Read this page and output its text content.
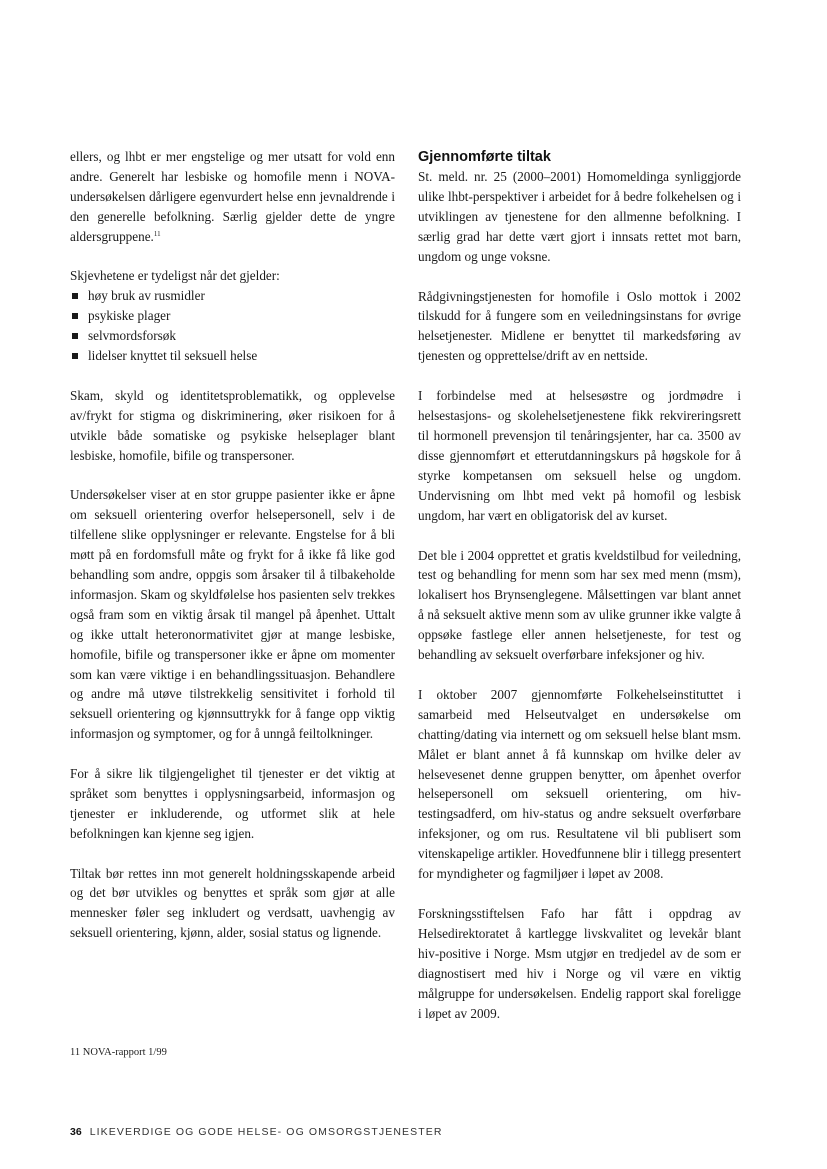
ellers, og lhbt er mer engstelige og mer utsatt for vold enn andre. Generelt har lesbiske og homofile menn i NOVA- undersøkelsen dårligere egenvurdert helse enn jevnaldrende i den generelle befolkning. Særlig gjelder dette de yngre aldersgruppene.$^{11}$

Skjevhetene er tydeligst når det gjelder:
høy bruk av rusmidler
psykiske plager
selvmordsforsøk
lidelser knyttet til seksuell helse

Skam, skyld og identitetsproblematikk, og opplevelse av/frykt for stigma og diskriminering, øker risikoen for å utvikle både somatiske og psykiske helseplager blant lesbiske, homofile, bifile og transpersoner.

Undersøkelser viser at en stor gruppe pasienter ikke er åpne om seksuell orientering overfor helsepersonell, selv i de tilfellene slike opplysninger er relevante. Engstelse for å bli møtt på en fordomsfull måte og frykt for å ikke få like god behandling som andre, oppgis som årsaker til å tilbakeholde informasjon. Skam og skyldfølelse hos pasienten selv trekkes også fram som en viktig årsak til mangel på åpenhet. Uttalt og ikke uttalt heteronormativitet gjør at mange lesbiske, homofile, bifile og transpersoner ikke er åpne om momenter som kan være viktige i en behandlingssituasjon. Behandlere og andre må utøve tilstrekkelig sensitivitet i forhold til seksuell orientering og kjønnsuttrykk for å fange opp viktig informasjon og symptomer, og for å unngå feiltolkninger.

For å sikre lik tilgjengelighet til tjenester er det viktig at språket som benyttes i opplysningsarbeid, informasjon og tjenester er inkluderende, og utformet slik at hele befolkningen kan kjenne seg igjen.

Tiltak bør rettes inn mot generelt holdningsskapende arbeid og det bør utvikles og benyttes et språk som gjør at alle mennesker føler seg inkludert og verdsatt, uavhengig av seksuell orientering, kjønn, alder, sosial status og lignende.

Gjennomførte tiltak

St. meld. nr. 25 (2000–2001) Homomeldinga synliggjorde ulike lhbt-perspektiver i arbeidet for å bedre folkehelsen og i utviklingen av tjenestene for den allmenne befolkning. I særlig grad har dette vært gjort i innsats rettet mot barn, ungdom og unge voksne.

Rådgivningstjenesten for homofile i Oslo mottok i 2002 tilskudd for å fungere som en veiledningsinstans for øvrige helsetjenester. Midlene er benyttet til markedsføring av tjenesten og opprettelse/drift av en nettside.

I forbindelse med at helsesøstre og jordmødre i helsestasjons- og skolehelsetjenestene fikk rekvireringsrett til hormonell prevensjon til tenåringsjenter, har ca. 3500 av disse gjennomført et etterutdanningskurs på høgskole for å styrke kompetansen om seksuell helse og ungdom. Undervisning om lhbt med vekt på homofil og lesbisk ungdom, har vært en obligatorisk del av kurset.

Det ble i 2004 opprettet et gratis kveldstilbud for veiledning, test og behandling for menn som har sex med menn (msm), lokalisert hos Brynsenglegene. Målsettingen var blant annet å nå seksuelt aktive menn som av ulike grunner ikke valgte å oppsøke fastlege eller annen helsetjeneste, for test og behandling av seksuelt overførbare infeksjoner og hiv.

I oktober 2007 gjennomførte Folkehelseinstituttet i samarbeid med Helseutvalget en undersøkelse om chatting/dating via internett og om seksuell helse blant msm. Målet er blant annet å få kunnskap om hvilke deler av helsevesenet denne gruppen benytter, om åpenhet overfor helsepersonell om seksuell orientering, om hiv-testingsadferd, om hiv-status og andre seksuelt overførbare infeksjoner, og om rus. Resultatene vil bli publisert som vitenskapelige artikler. Hovedfunnene blir i tillegg presentert for myndigheter og fagmiljøer i løpet av 2008.

Forskningsstiftelsen Fafo har fått i oppdrag av Helsedirektoratet å kartlegge livskvalitet og levekår blant hiv-positive i Norge. Msm utgjør en tredjedel av de som er diagnostisert med hiv i Norge og vil være en viktig målgruppe for undersøkelsen. Endelig rapport skal foreligge i løpet av 2009.

11 NOVA-rapport 1/99
36 LIKEVERDIGE OG GODE HELSE- OG OMSORGSTJENESTER
